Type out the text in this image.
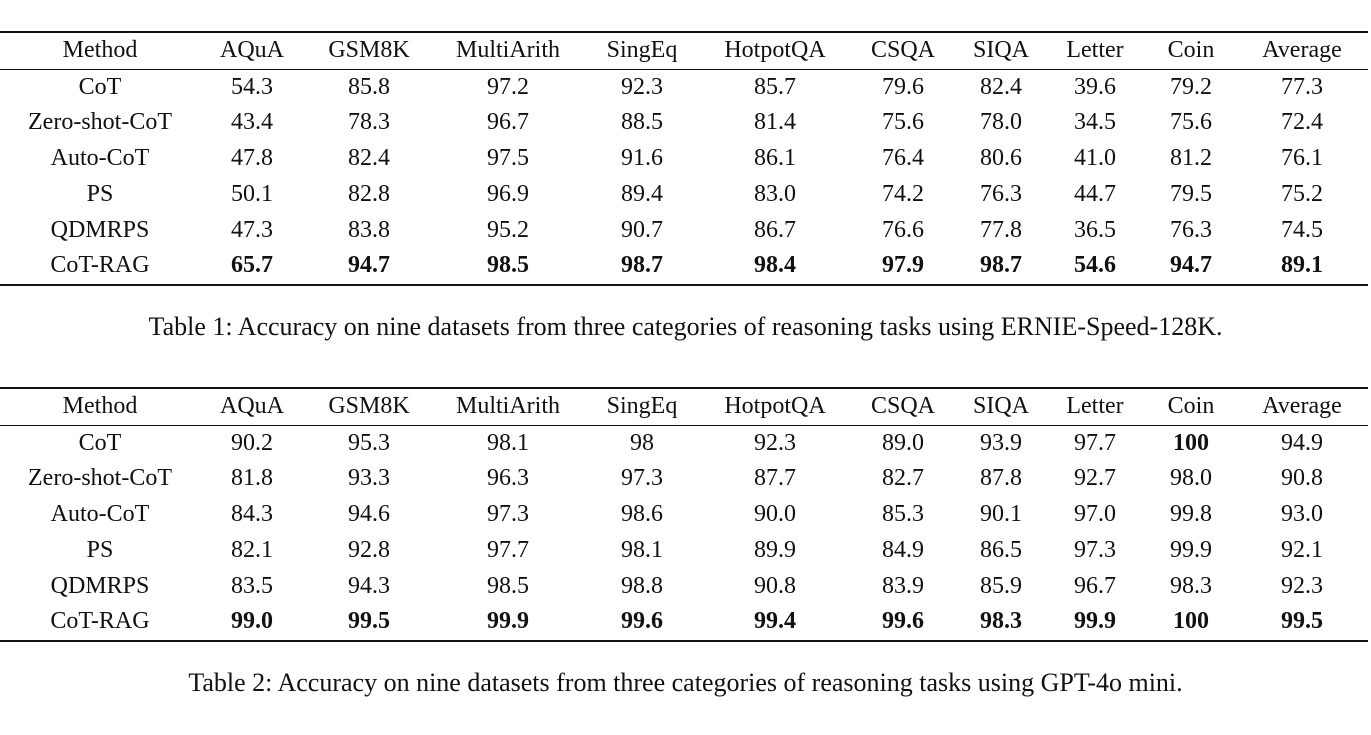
Method	AQuA	GSM8K	MultiArith	SingEq	HotpotQA	CSQA	SIQA	Letter	Coin	Average
CoT	54.3	85.8	97.2	92.3	85.7	79.6	82.4	39.6	79.2	77.3
Zero-shot-CoT	43.4	78.3	96.7	88.5	81.4	75.6	78.0	34.5	75.6	72.4
Auto-CoT	47.8	82.4	97.5	91.6	86.1	76.4	80.6	41.0	81.2	76.1
PS	50.1	82.8	96.9	89.4	83.0	74.2	76.3	44.7	79.5	75.2
QDMRPS	47.3	83.8	95.2	90.7	86.7	76.6	77.8	36.5	76.3	74.5
CoT-RAG	65.7	94.7	98.5	98.7	98.4	97.9	98.7	54.6	94.7	89.1
Table 1: Accuracy on nine datasets from three categories of reasoning tasks using ERNIE-Speed-128K.
Method	AQuA	GSM8K	MultiArith	SingEq	HotpotQA	CSQA	SIQA	Letter	Coin	Average
CoT	90.2	95.3	98.1	98	92.3	89.0	93.9	97.7	100	94.9
Zero-shot-CoT	81.8	93.3	96.3	97.3	87.7	82.7	87.8	92.7	98.0	90.8
Auto-CoT	84.3	94.6	97.3	98.6	90.0	85.3	90.1	97.0	99.8	93.0
PS	82.1	92.8	97.7	98.1	89.9	84.9	86.5	97.3	99.9	92.1
QDMRPS	83.5	94.3	98.5	98.8	90.8	83.9	85.9	96.7	98.3	92.3
CoT-RAG	99.0	99.5	99.9	99.6	99.4	99.6	98.3	99.9	100	99.5
Table 2: Accuracy on nine datasets from three categories of reasoning tasks using GPT-4o mini.
